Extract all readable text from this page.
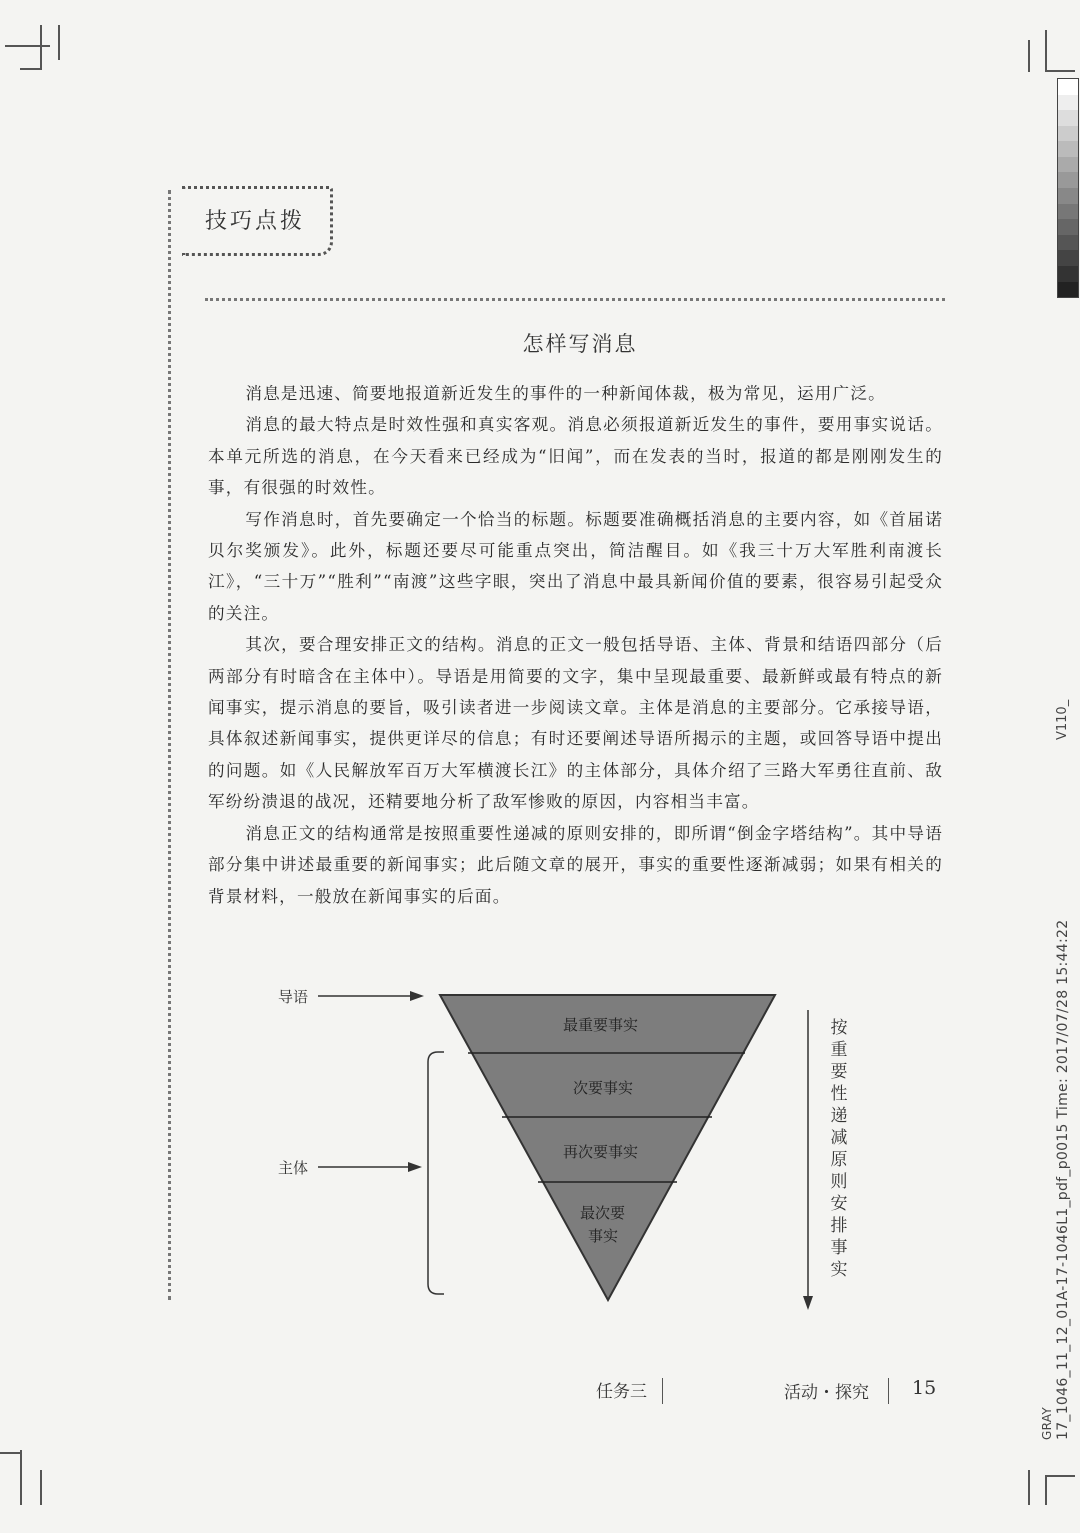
技巧点拨
怎样写消息

消息是迅速、简要地报道新近发生的事件的一种新闻体裁，极为常见，运用广泛。

消息的最大特点是时效性强和真实客观。消息必须报道新近发生的事件，要用事实说话。本单元所选的消息，在今天看来已经成为“旧闻”，而在发表的当时，报道的都是刚刚发生的事，有很强的时效性。

写作消息时，首先要确定一个恰当的标题。标题要准确概括消息的主要内容，如《首届诺贝尔奖颁发》。此外，标题还要尽可能重点突出，简洁醒目。如《我三十万大军胜利南渡长江》，“三十万”“胜利”“南渡”这些字眼，突出了消息中最具新闻价值的要素，很容易引起受众的关注。

其次，要合理安排正文的结构。消息的正文一般包括导语、主体、背景和结语四部分（后两部分有时暗含在主体中）。导语是用简要的文字，集中呈现最重要、最新鲜或最有特点的新闻事实，提示消息的要旨，吸引读者进一步阅读文章。主体是消息的主要部分。它承接导语，具体叙述新闻事实，提供更详尽的信息；有时还要阐述导语所揭示的主题，或回答导语中提出的问题。如《人民解放军百万大军横渡长江》的主体部分，具体介绍了三路大军勇往直前、敌军纷纷溃退的战况，还精要地分析了敌军惨败的原因，内容相当丰富。

消息正文的结构通常是按照重要性递减的原则安排的，即所谓“倒金字塔结构”。其中导语部分集中讲述最重要的新闻事实；此后随文章的展开，事实的重要性逐渐减弱；如果有相关的背景材料，一般放在新闻事实的后面。

导语
主体
最重要事实
次要事实
再次要事实
最次要
事实
按重要性递减原则安排事实
任务三	活动・探究 15	17_1046_11_12_01A-17-1046L1_pdf_p0015 Time: 2017/07/28 15:44:22
GRAY
V110_
